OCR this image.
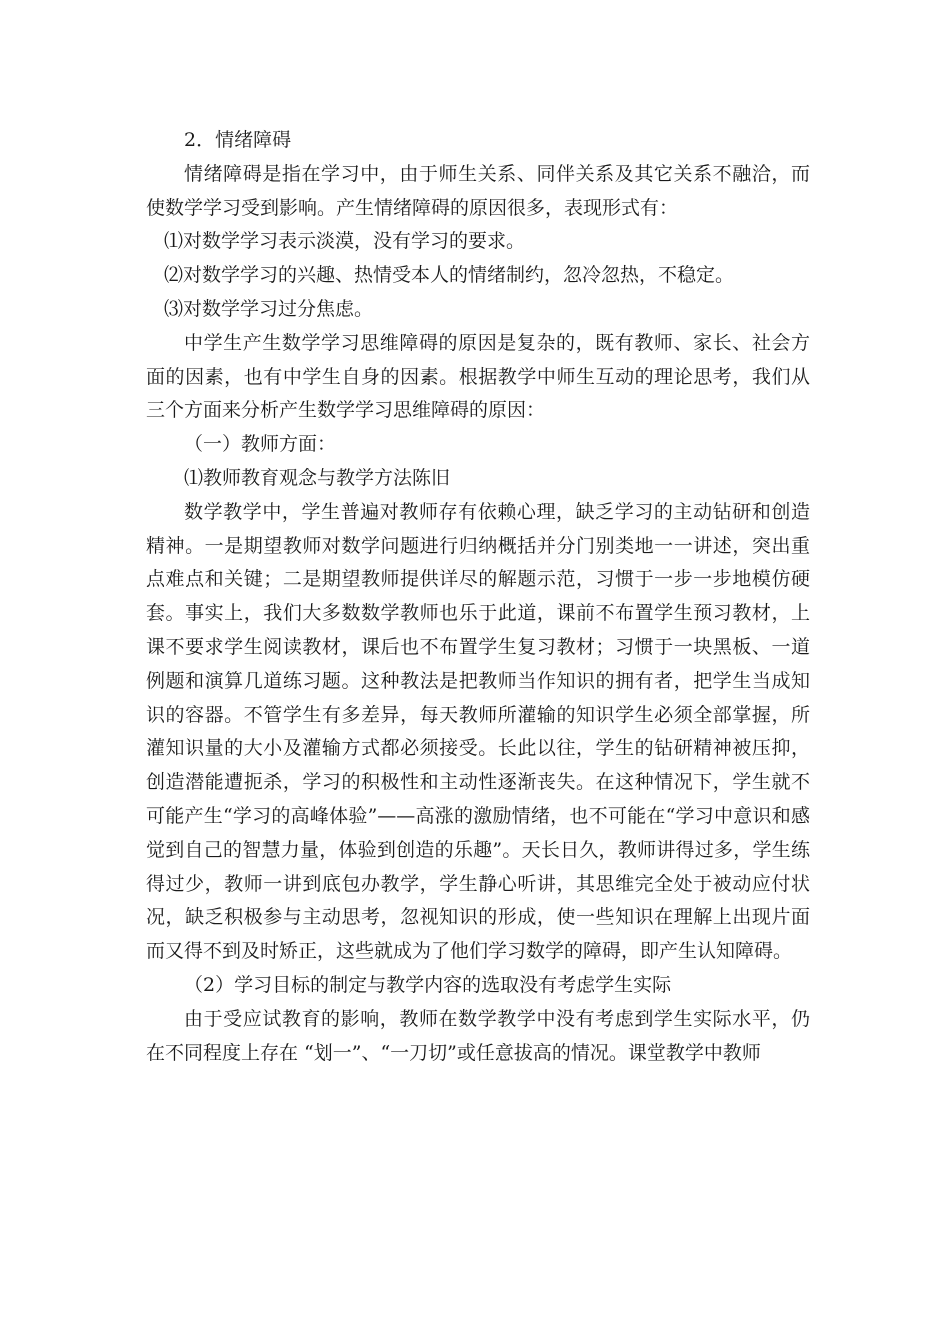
2．情绪障碍

情绪障碍是指在学习中，由于师生关系、同伴关系及其它关系不融洽，而使数学学习受到影响。产生情绪障碍的原因很多，表现形式有：

⑴对数学学习表示淡漠，没有学习的要求。

⑵对数学学习的兴趣、热情受本人的情绪制约，忽冷忽热，不稳定。

⑶对数学学习过分焦虑。

中学生产生数学学习思维障碍的原因是复杂的，既有教师、家长、社会方面的因素，也有中学生自身的因素。根据教学中师生互动的理论思考，我们从三个方面来分析产生数学学习思维障碍的原因：

（一）教师方面：

⑴教师教育观念与教学方法陈旧

数学教学中，学生普遍对教师存有依赖心理，缺乏学习的主动钻研和创造精神。一是期望教师对数学问题进行归纳概括并分门别类地一一讲述，突出重点难点和关键；二是期望教师提供详尽的解题示范，习惯于一步一步地模仿硬套。事实上，我们大多数数学教师也乐于此道，课前不布置学生预习教材，上课不要求学生阅读教材，课后也不布置学生复习教材；习惯于一块黑板、一道例题和演算几道练习题。这种教法是把教师当作知识的拥有者，把学生当成知识的容器。不管学生有多差异，每天教师所灌输的知识学生必须全部掌握，所灌知识量的大小及灌输方式都必须接受。长此以往，学生的钻研精神被压抑，创造潜能遭扼杀，学习的积极性和主动性逐渐丧失。在这种情况下，学生就不可能产生“学习的高峰体验”——高涨的激励情绪，也不可能在“学习中意识和感觉到自己的智慧力量，体验到创造的乐趣”。天长日久，教师讲得过多，学生练得过少，教师一讲到底包办教学，学生静心听讲，其思维完全处于被动应付状况，缺乏积极参与主动思考，忽视知识的形成，使一些知识在理解上出现片面而又得不到及时矫正，这些就成为了他们学习数学的障碍，即产生认知障碍。

（2）学习目标的制定与教学内容的选取没有考虑学生实际

由于受应试教育的影响，教师在数学教学中没有考虑到学生实际水平，仍在不同程度上存在 “划一”、“一刀切”或任意拔高的情况。课堂教学中教师
